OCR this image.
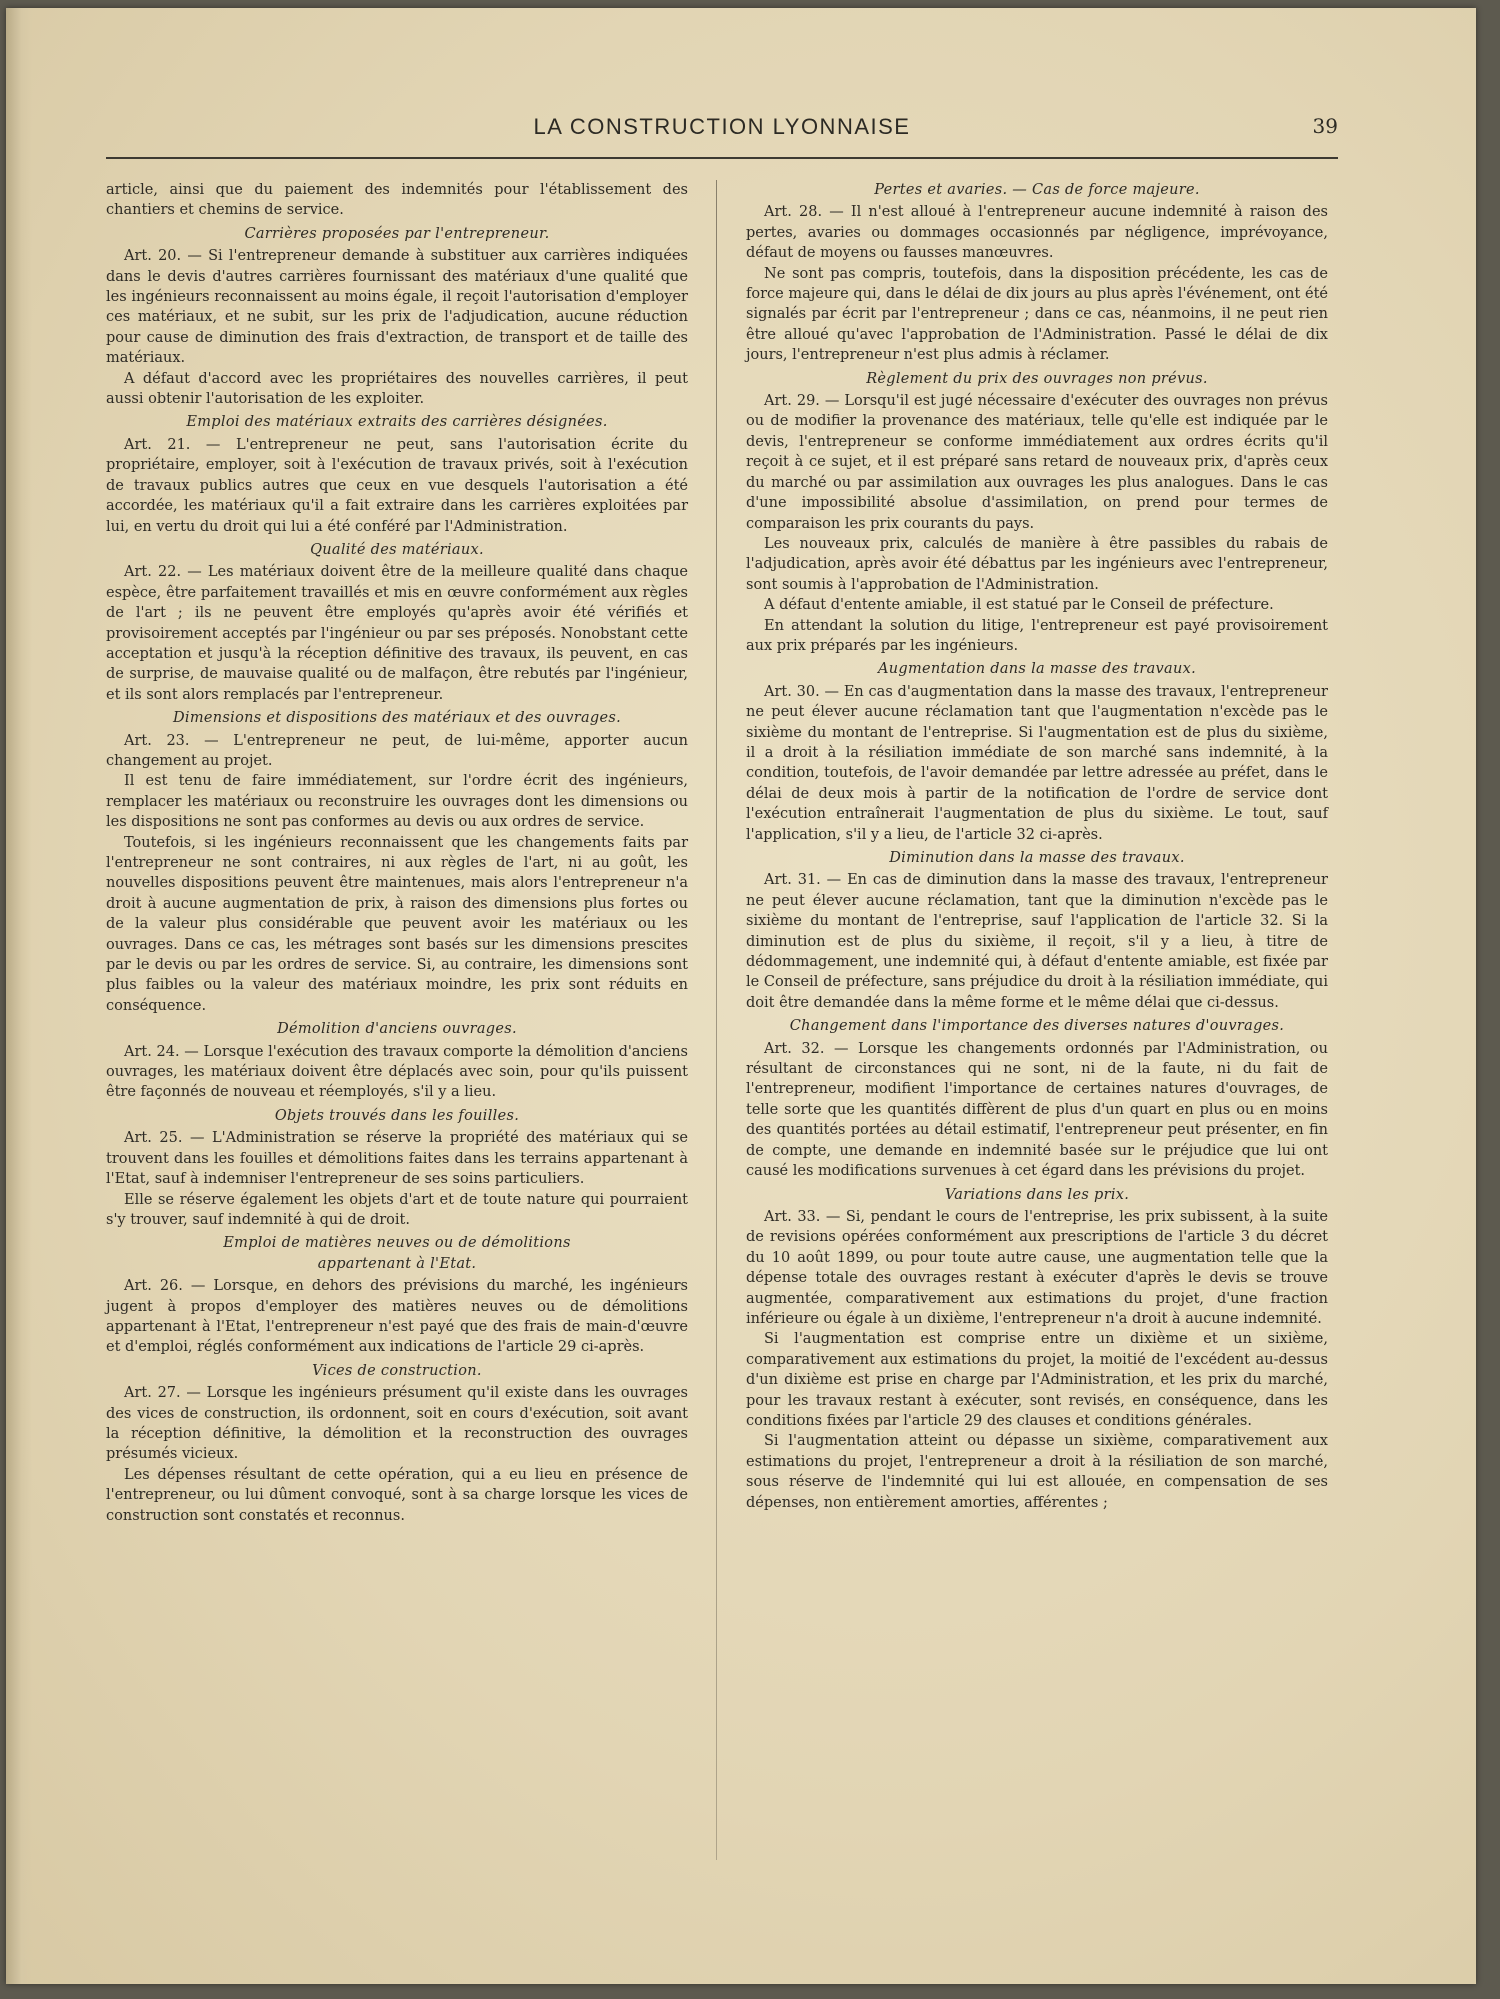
LA CONSTRUCTION LYONNAISE	39

article, ainsi que du paiement des indemnités pour l'établissement des chantiers et chemins de service.

Carrières proposées par l'entrepreneur.

Art. 20. — Si l'entrepreneur demande à substituer aux carrières indiquées dans le devis d'autres carrières fournissant des matériaux d'une qualité que les ingénieurs reconnaissent au moins égale, il reçoit l'autorisation d'employer ces matériaux, et ne subit, sur les prix de l'adjudication, aucune réduction pour cause de diminution des frais d'extraction, de transport et de taille des matériaux.

A défaut d'accord avec les propriétaires des nouvelles carrières, il peut aussi obtenir l'autorisation de les exploiter.

Emploi des matériaux extraits des carrières désignées.

Art. 21. — L'entrepreneur ne peut, sans l'autorisation écrite du propriétaire, employer, soit à l'exécution de travaux privés, soit à l'exécution de travaux publics autres que ceux en vue desquels l'autorisation a été accordée, les matériaux qu'il a fait extraire dans les carrières exploitées par lui, en vertu du droit qui lui a été conféré par l'Administration.

Qualité des matériaux.

Art. 22. — Les matériaux doivent être de la meilleure qualité dans chaque espèce, être parfaitement travaillés et mis en œuvre conformément aux règles de l'art ; ils ne peuvent être employés qu'après avoir été vérifiés et provisoirement acceptés par l'ingénieur ou par ses préposés. Nonobstant cette acceptation et jusqu'à la réception définitive des travaux, ils peuvent, en cas de surprise, de mauvaise qualité ou de malfaçon, être rebutés par l'ingénieur, et ils sont alors remplacés par l'entrepreneur.

Dimensions et dispositions des matériaux et des ouvrages.

Art. 23. — L'entrepreneur ne peut, de lui-même, apporter aucun changement au projet.

Il est tenu de faire immédiatement, sur l'ordre écrit des ingénieurs, remplacer les matériaux ou reconstruire les ouvrages dont les dimensions ou les dispositions ne sont pas conformes au devis ou aux ordres de service.

Toutefois, si les ingénieurs reconnaissent que les changements faits par l'entrepreneur ne sont contraires, ni aux règles de l'art, ni au goût, les nouvelles dispositions peuvent être maintenues, mais alors l'entrepreneur n'a droit à aucune augmentation de prix, à raison des dimensions plus fortes ou de la valeur plus considérable que peuvent avoir les matériaux ou les ouvrages. Dans ce cas, les métrages sont basés sur les dimensions prescites par le devis ou par les ordres de service. Si, au contraire, les dimensions sont plus faibles ou la valeur des matériaux moindre, les prix sont réduits en conséquence.

Démolition d'anciens ouvrages.

Art. 24. — Lorsque l'exécution des travaux comporte la démolition d'anciens ouvrages, les matériaux doivent être déplacés avec soin, pour qu'ils puissent être façonnés de nouveau et réemployés, s'il y a lieu.

Objets trouvés dans les fouilles.

Art. 25. — L'Administration se réserve la propriété des matériaux qui se trouvent dans les fouilles et démolitions faites dans les terrains appartenant à l'Etat, sauf à indemniser l'entrepreneur de ses soins particuliers.

Elle se réserve également les objets d'art et de toute nature qui pourraient s'y trouver, sauf indemnité à qui de droit.

Emploi de matières neuves ou de démolitions
appartenant à l'Etat.

Art. 26. — Lorsque, en dehors des prévisions du marché, les ingénieurs jugent à propos d'employer des matières neuves ou de démolitions appartenant à l'Etat, l'entrepreneur n'est payé que des frais de main-d'œuvre et d'emploi, réglés conformément aux indications de l'article 29 ci-après.

Vices de construction.

Art. 27. — Lorsque les ingénieurs présument qu'il existe dans les ouvrages des vices de construction, ils ordonnent, soit en cours d'exécution, soit avant la réception définitive, la démolition et la reconstruction des ouvrages présumés vicieux.

Les dépenses résultant de cette opération, qui a eu lieu en présence de l'entrepreneur, ou lui dûment convoqué, sont à sa charge lorsque les vices de construction sont constatés et reconnus.

Pertes et avaries. — Cas de force majeure.

Art. 28. — Il n'est alloué à l'entrepreneur aucune indemnité à raison des pertes, avaries ou dommages occasionnés par négligence, imprévoyance, défaut de moyens ou fausses manœuvres.

Ne sont pas compris, toutefois, dans la disposition précédente, les cas de force majeure qui, dans le délai de dix jours au plus après l'événement, ont été signalés par écrit par l'entrepreneur ; dans ce cas, néanmoins, il ne peut rien être alloué qu'avec l'approbation de l'Administration. Passé le délai de dix jours, l'entrepreneur n'est plus admis à réclamer.

Règlement du prix des ouvrages non prévus.

Art. 29. — Lorsqu'il est jugé nécessaire d'exécuter des ouvrages non prévus ou de modifier la provenance des matériaux, telle qu'elle est indiquée par le devis, l'entrepreneur se conforme immédiatement aux ordres écrits qu'il reçoit à ce sujet, et il est préparé sans retard de nouveaux prix, d'après ceux du marché ou par assimilation aux ouvrages les plus analogues. Dans le cas d'une impossibilité absolue d'assimilation, on prend pour termes de comparaison les prix courants du pays.

Les nouveaux prix, calculés de manière à être passibles du rabais de l'adjudication, après avoir été débattus par les ingénieurs avec l'entrepreneur, sont soumis à l'approbation de l'Administration.

A défaut d'entente amiable, il est statué par le Conseil de préfecture.

En attendant la solution du litige, l'entrepreneur est payé provisoirement aux prix préparés par les ingénieurs.

Augmentation dans la masse des travaux.

Art. 30. — En cas d'augmentation dans la masse des travaux, l'entrepreneur ne peut élever aucune réclamation tant que l'augmentation n'excède pas le sixième du montant de l'entreprise. Si l'augmentation est de plus du sixième, il a droit à la résiliation immédiate de son marché sans indemnité, à la condition, toutefois, de l'avoir demandée par lettre adressée au préfet, dans le délai de deux mois à partir de la notification de l'ordre de service dont l'exécution entraînerait l'augmentation de plus du sixième. Le tout, sauf l'application, s'il y a lieu, de l'article 32 ci-après.

Diminution dans la masse des travaux.

Art. 31. — En cas de diminution dans la masse des travaux, l'entrepreneur ne peut élever aucune réclamation, tant que la diminution n'excède pas le sixième du montant de l'entreprise, sauf l'application de l'article 32. Si la diminution est de plus du sixième, il reçoit, s'il y a lieu, à titre de dédommagement, une indemnité qui, à défaut d'entente amiable, est fixée par le Conseil de préfecture, sans préjudice du droit à la résiliation immédiate, qui doit être demandée dans la même forme et le même délai que ci-dessus.

Changement dans l'importance des diverses natures d'ouvrages.

Art. 32. — Lorsque les changements ordonnés par l'Administration, ou résultant de circonstances qui ne sont, ni de la faute, ni du fait de l'entrepreneur, modifient l'importance de certaines natures d'ouvrages, de telle sorte que les quantités diffèrent de plus d'un quart en plus ou en moins des quantités portées au détail estimatif, l'entrepreneur peut présenter, en fin de compte, une demande en indemnité basée sur le préjudice que lui ont causé les modifications survenues à cet égard dans les prévisions du projet.

Variations dans les prix.

Art. 33. — Si, pendant le cours de l'entreprise, les prix subissent, à la suite de revisions opérées conformément aux prescriptions de l'article 3 du décret du 10 août 1899, ou pour toute autre cause, une augmentation telle que la dépense totale des ouvrages restant à exécuter d'après le devis se trouve augmentée, comparativement aux estimations du projet, d'une fraction inférieure ou égale à un dixième, l'entrepreneur n'a droit à aucune indemnité.

Si l'augmentation est comprise entre un dixième et un sixième, comparativement aux estimations du projet, la moitié de l'excédent au-dessus d'un dixième est prise en charge par l'Administration, et les prix du marché, pour les travaux restant à exécuter, sont revisés, en conséquence, dans les conditions fixées par l'article 29 des clauses et conditions générales.

Si l'augmentation atteint ou dépasse un sixième, comparativement aux estimations du projet, l'entrepreneur a droit à la résiliation de son marché, sous réserve de l'indemnité qui lui est allouée, en compensation de ses dépenses, non entièrement amorties, afférentes ;
